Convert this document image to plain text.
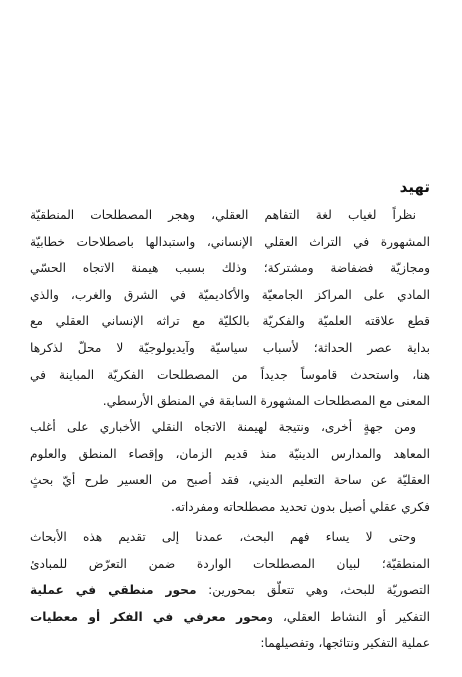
تهيد
نظراً لغياب لغة التفاهم العقلي، وهجر المصطلحات المنطقيّة
المشهورة في التراث العقلي الإنساني، واستبدالها باصطلاحات خطابيّة
ومجازيّة فضفاضة ومشتركة؛ وذلك بسبب هيمنة الاتجاه الحسّي
المادي على المراكز الجامعيّة والأكاديميّة في الشرق والغرب، والذي
قطع علاقته العلميّة والفكريّة بالكليّة مع تراثه الإنساني العقلي مع
بداية عصر الحداثة؛ لأسباب سياسيّة وآيديولوجيّة لا محلّ لذكرها
هنا، واستحدث قاموساً جديداً من المصطلحات الفكريّة المباينة في
المعنى مع المصطلحات المشهورة السابقة في المنطق الأرسطي.
ومن جهةٍ أخرى، ونتيجة لهيمنة الاتجاه النقلي الأخباري على أغلب
المعاهد والمدارس الدينيّة منذ قديم الزمان، وإقصاء المنطق والعلوم
العقليّة عن ساحة التعليم الديني، فقد أصبح من العسير طرح أيّ بحثٍ
فكري عقلي أصيل بدون تحديد مصطلحاته ومفرداته.
وحتى لا يساء فهم البحث، عمدنا إلى تقديم هذه الأبحاث
المنطقيّة؛ لبيان المصطلحات الواردة ضمن التعرّض للمبادئ
التصوريّة للبحث، وهي تتعلّق بمحورين: محور منطقي في عملية
التفكير أو النشاط العقلي، ومحور معرفي في الفكر أو معطيات
عملية التفكير ونتائجها، وتفصيلهما:
